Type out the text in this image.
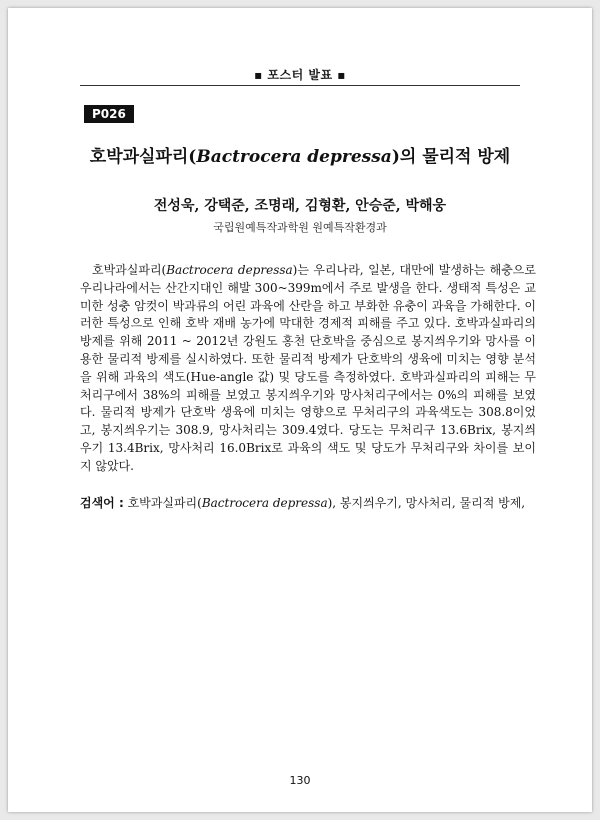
▪ 포스터 발표 ▪
P026
호박과실파리(Bactrocera depressa)의 물리적 방제
전성욱, 강택준, 조명래, 김형환, 안승준, 박해웅
국립원예특작과학원 원예특작환경과

호박과실파리(Bactrocera depressa)는 우리나라, 일본, 대만에 발생하는 해충으로 우리나라에서는 산간지대인 해발 300~399m에서 주로 발생을 한다. 생태적 특성은 교미한 성충 암컷이 박과류의 어린 과육에 산란을 하고 부화한 유충이 과육을 가해한다. 이러한 특성으로 인해 호박 재배 농가에 막대한 경제적 피해를 주고 있다. 호박과실파리의 방제를 위해 2011 ~ 2012년 강원도 홍천 단호박을 중심으로 봉지씌우기와 망사를 이용한 물리적 방제를 실시하였다. 또한 물리적 방제가 단호박의 생육에 미치는 영향 분석을 위해 과육의 색도(Hue-angle 값) 및 당도를 측정하였다. 호박과실파리의 피해는 무처리구에서 38%의 피해를 보였고 봉지씌우기와 망사처리구에서는 0%의 피해를 보였다. 물리적 방제가 단호박 생육에 미치는 영향으로 무처리구의 과육색도는 308.8이었고, 봉지씌우기는 308.9, 망사처리는 309.4였다. 당도는 무처리구 13.6Brix, 봉지씌우기 13.4Brix, 망사처리 16.0Brix로 과육의 색도 및 당도가 무처리구와 차이를 보이지 않았다.

검색어 : 호박과실파리(Bactrocera depressa), 봉지씌우기, 망사처리, 물리적 방제,

130
